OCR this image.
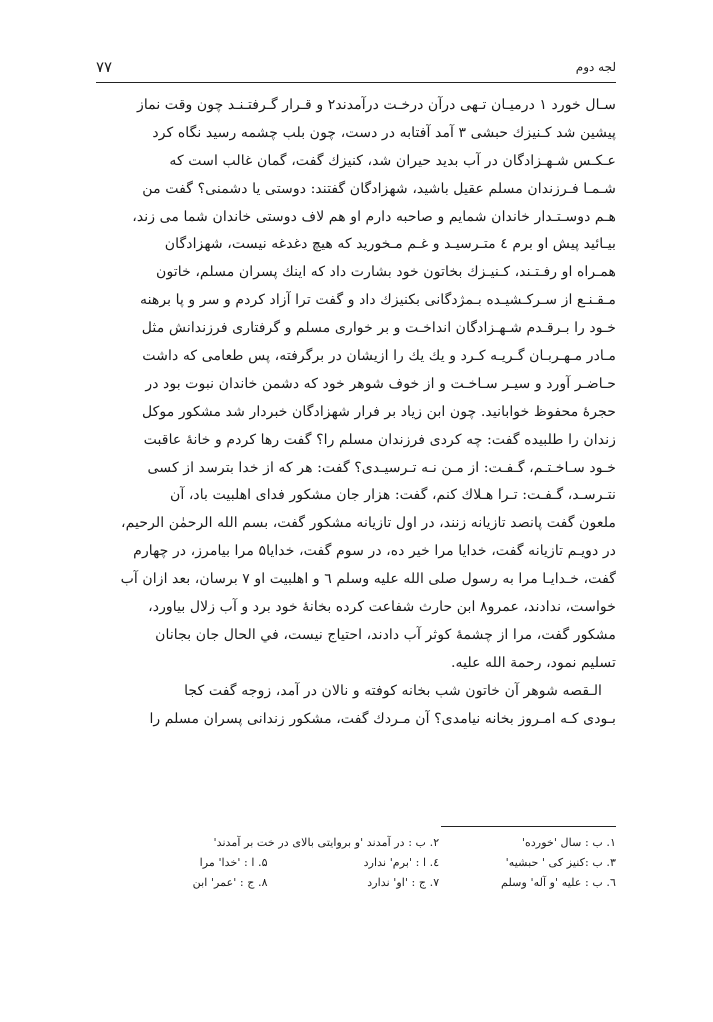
لجه دوم
۷۷
سـال خورد ۱ درمیـان تـهی درآن درخـت درآمدند۲ و قـرار گـرفتـنـد چون وقت نماز
پیشین شد کـنیزك حبشی ۳ آمد آفتابه در دست، چون بلب چشمه رسید نگاه کرد
عـکـس شـهـزادگان در آب بدید حیران شد، کنیزك گفت، گمان غالب است که
شـمـا فـرزندان مسلم عقیل باشید، شهزادگان گفتند: دوستی یا دشمنی؟ گفت من
هـم دوسـتـدار خاندان شمایم و صاحبه دارم او هم لاف دوستی خاندان شما می زند،
بیـائید پیش او برم ٤ متـرسیـد و غـم مـخورید که هیچ دغدغه نیست، شهزادگان
همـراه او رفـتـند، کـنیـزك بخاتون خود بشارت داد که اینك پسران مسلم، خاتون
مـقـنـع از سـرکـشیـده بـمژدگانی بکنیزك داد و گفت ترا آزاد کردم و سر و پا برهنه
خـود را بـرقـدم شـهـزادگان انداخـت و بر خواری مسلم و گرفتاری فرزندانش مثل
مـادر مـهـربـان گـریـه کـرد و یك یك را ازیشان در برگرفته، پس طعامی که داشت
حـاضـر آورد و سیـر سـاخـت و از خوف شوهر خود که دشمن خاندان نبوت بود در
حجرهٔ محفوظ خوابانید. چون ابن زیاد بر فرار شهزادگان خبردار شد مشکور موکل
زندان را طلبیده گفت: چه کردی فرزندان مسلم را؟ گفت رها کردم و خانهٔ عاقبت
خـود سـاخـتـم، گـفـت: از مـن نـه تـرسیـدی؟ گفت: هر که از خدا بترسد از کسی
نتـرسـد، گـفـت: تـرا هـلاك کنم، گفت: هزار جان مشکور فدای اهلبیت باد، آن
ملعون گفت پانصد تازیانه زنند، در اول تازیانه مشکور گفت، بسم الله الرحمٰن الرحیم،
در دویـم تازیانه گفت، خدایا مرا خیر ده، در سوم گفت، خدایا۵ مرا بیامرز، در چهارم
گفت، خـدایـا مرا به رسول صلی الله علیه وسلم ٦ و اهلبیت او ۷ برسان، بعد ازان آب
خواست، ندادند، عمرو۸ ابن حارث شفاعت کرده بخانهٔ خود برد و آب زلال بیاورد،
مشکور گفت، مرا از چشمهٔ کوثر آب دادند، احتیاج نیست، في الحال جان بجانان
تسلیم نمود، رحمة الله علیه.
الـقصه شوهر آن خاتون شب بخانه کوفته و نالان در آمد، زوجه گفت کجا
بـودی کـه امـروز بخانه نیامدی؟ آن مـردك گفت، مشکور زندانی پسران مسلم را
۱. ب : سال 'خورده'
۲. ب : در آمدند 'و بروایتی بالای در خت بر آمدند'
۳. ب :کنیز کی ' حبشیه'
٤. ا : 'برم' ندارد
۵. ا : 'خدا' مرا
٦. ب : علیه 'و آله' وسلم
۷. ج : 'او' ندارد
۸. ج : 'عمر' ابن
